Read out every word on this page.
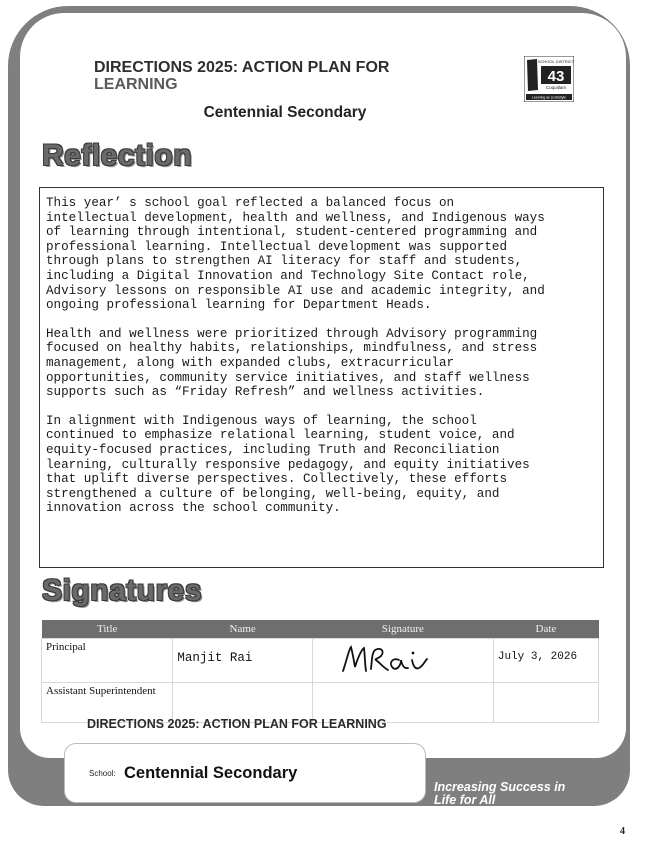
DIRECTIONS 2025: ACTION PLAN FOR
LEARNING
SCHOOL DISTRICT
43
Coquitlam
Learning as a Lifestyle
Centennial Secondary
Reflection

This year’ s school goal reflected a balanced focus on
intellectual development, health and wellness, and Indigenous ways
of learning through intentional, student-centered programming and
professional learning. Intellectual development was supported
through plans to strengthen AI literacy for staff and students,
including a Digital Innovation and Technology Site Contact role,
Advisory lessons on responsible AI use and academic integrity, and
ongoing professional learning for Department Heads.

Health and wellness were prioritized through Advisory programming
focused on healthy habits, relationships, mindfulness, and stress
management, along with expanded clubs, extracurricular
opportunities, community service initiatives, and staff wellness
supports such as “Friday Refresh” and wellness activities.

In alignment with Indigenous ways of learning, the school
continued to emphasize relational learning, student voice, and
equity-focused practices, including Truth and Reconciliation
learning, culturally responsive pedagogy, and equity initiatives
that uplift diverse perspectives. Collectively, these efforts
strengthened a culture of belonging, well-being, equity, and
innovation across the school community.

Signatures
Title	Name	Signature	Date
Principal	Manjit Rai		July 3, 2026
Assistant Superintendent			
DIRECTIONS 2025: ACTION PLAN FOR LEARNING
School: Centennial Secondary
Increasing Success in
Life for All
4
